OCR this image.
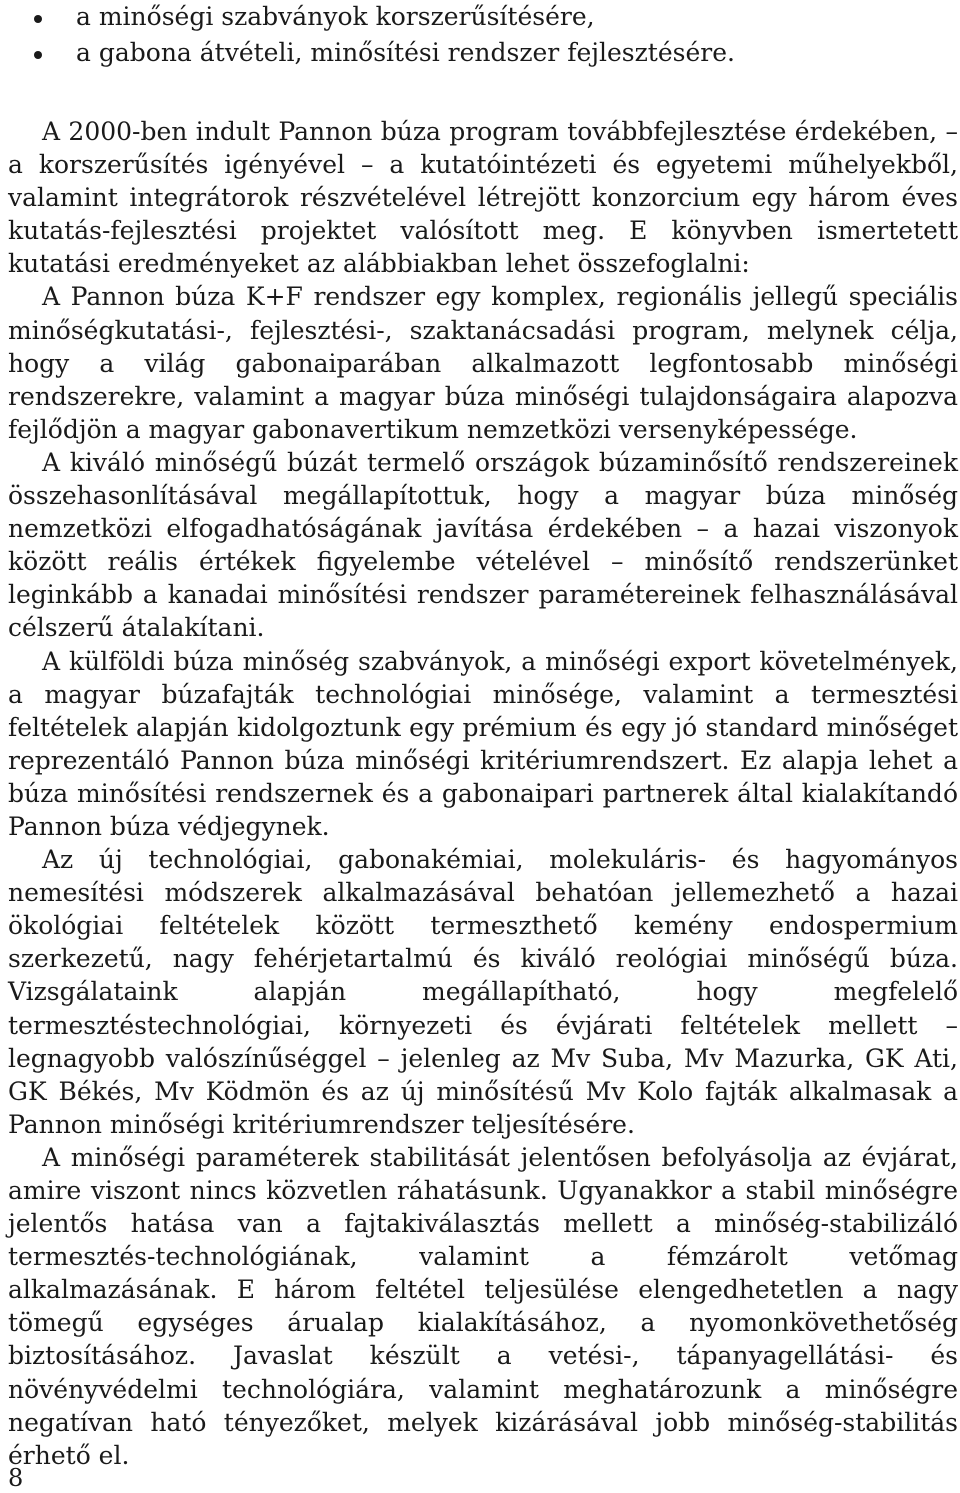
a minőségi szabványok korszerűsítésére,
a gabona átvételi, minősítési rendszer fejlesztésére.

A 2000-ben indult Pannon búza program továbbfejlesztése érdekében, – a korszerűsítés igényével – a kutatóintézeti és egyetemi műhelyekből, valamint integrátorok részvételével létrejött konzorcium egy három éves kutatás-fejlesztési projektet valósított meg. E könyvben ismertetett kutatási eredményeket az alábbiakban lehet összefoglalni:

A Pannon búza K+F rendszer egy komplex, regionális jellegű speciális minőségkutatási-, fejlesztési-, szaktanácsadási program, melynek célja, hogy a világ gabonaiparában alkalmazott legfontosabb minőségi rendszerekre, valamint a magyar búza minőségi tulajdonságaira alapozva fejlődjön a magyar gabonavertikum nemzetközi versenyképessége.

A kiváló minőségű búzát termelő országok búzaminősítő rendszereinek összehasonlításával megállapítottuk, hogy a magyar búza minőség nemzetközi elfogadhatóságának javítása érdekében – a hazai viszonyok között reális értékek figyelembe vételével – minősítő rendszerünket leginkább a kanadai minősítési rendszer paramétereinek felhasználásával célszerű átalakítani.

A külföldi búza minőség szabványok, a minőségi export követelmények, a magyar búzafajták technológiai minősége, valamint a termesztési feltételek alapján kidolgoztunk egy prémium és egy jó standard minőséget reprezentáló Pannon búza minőségi kritériumrendszert. Ez alapja lehet a búza minősítési rendszernek és a gabonaipari partnerek által kialakítandó Pannon búza védjegynek.

Az új technológiai, gabonakémiai, molekuláris- és hagyományos nemesítési módszerek alkalmazásával behatóan jellemezhető a hazai ökológiai feltételek között termeszthető kemény endospermium szerkezetű, nagy fehérjetartalmú és kiváló reológiai minőségű búza. Vizsgálataink alapján megállapítható, hogy megfelelő termesztéstechnológiai, környezeti és évjárati feltételek mellett – legnagyobb valószínűséggel – jelenleg az Mv Suba, Mv Mazurka, GK Ati, GK Békés, Mv Ködmön és az új minősítésű Mv Kolo fajták alkalmasak a Pannon minőségi kritériumrendszer teljesítésére.

A minőségi paraméterek stabilitását jelentősen befolyásolja az évjárat, amire viszont nincs közvetlen ráhatásunk. Ugyanakkor a stabil minőségre jelentős hatása van a fajtakiválasztás mellett a minőség-stabilizáló termesztés-technológiának, valamint a fémzárolt vetőmag alkalmazásának. E három feltétel teljesülése elengedhetetlen a nagy tömegű egységes árualap kialakításához, a nyomonkövethetőség biztosításához. Javaslat készült a vetési-, tápanyagellátási- és növényvédelmi technológiára, valamint meghatározunk a minőségre negatívan ható tényezőket, melyek kizárásával jobb minőség-stabilitás érhető el.

8
